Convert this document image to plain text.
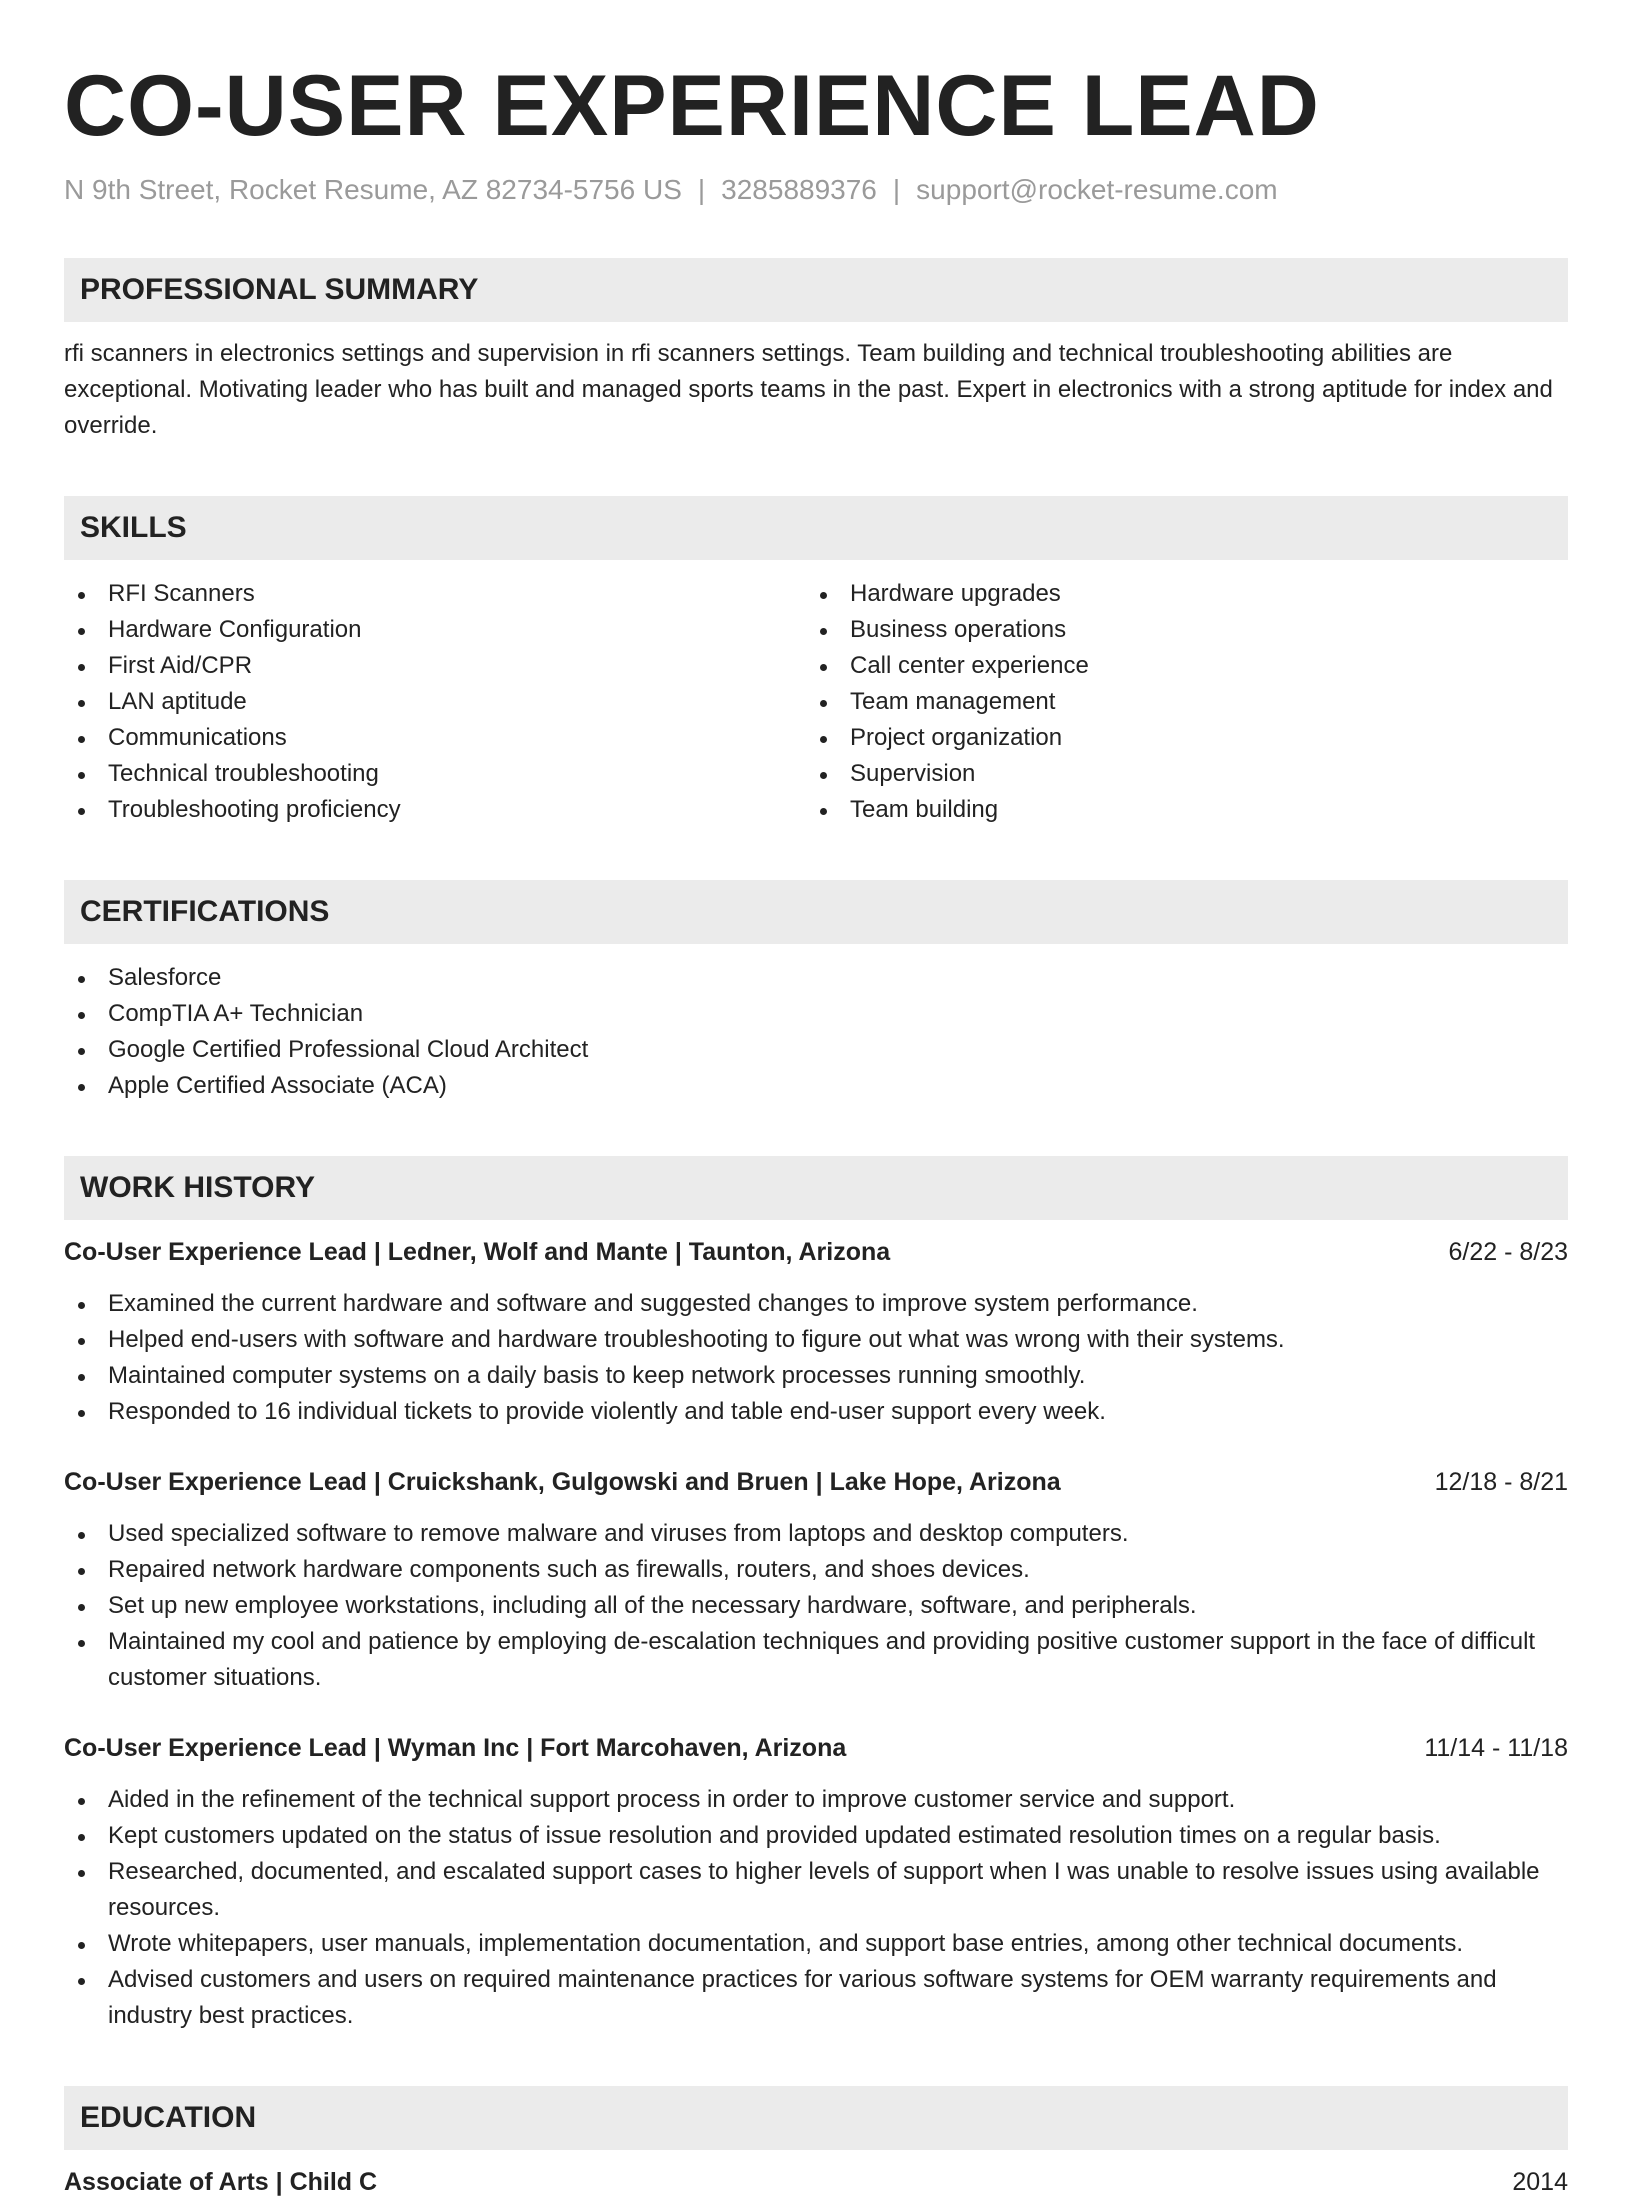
CO-USER EXPERIENCE LEAD
N 9th Street, Rocket Resume, AZ 82734-5756 US | 3285889376 | support@rocket-resume.com
PROFESSIONAL SUMMARY
rfi scanners in electronics settings and supervision in rfi scanners settings. Team building and technical troubleshooting abilities are exceptional. Motivating leader who has built and managed sports teams in the past. Expert in electronics with a strong aptitude for index and override.
SKILLS
RFI Scanners
Hardware Configuration
First Aid/CPR
LAN aptitude
Communications
Technical troubleshooting
Troubleshooting proficiency
Hardware upgrades
Business operations
Call center experience
Team management
Project organization
Supervision
Team building
CERTIFICATIONS
Salesforce
CompTIA A+ Technician
Google Certified Professional Cloud Architect
Apple Certified Associate (ACA)
WORK HISTORY
Co-User Experience Lead | Ledner, Wolf and Mante | Taunton, Arizona	6/22 - 8/23
Examined the current hardware and software and suggested changes to improve system performance.
Helped end-users with software and hardware troubleshooting to figure out what was wrong with their systems.
Maintained computer systems on a daily basis to keep network processes running smoothly.
Responded to 16 individual tickets to provide violently and table end-user support every week.
Co-User Experience Lead | Cruickshank, Gulgowski and Bruen | Lake Hope, Arizona	12/18 - 8/21
Used specialized software to remove malware and viruses from laptops and desktop computers.
Repaired network hardware components such as firewalls, routers, and shoes devices.
Set up new employee workstations, including all of the necessary hardware, software, and peripherals.
Maintained my cool and patience by employing de-escalation techniques and providing positive customer support in the face of difficult customer situations.
Co-User Experience Lead | Wyman Inc | Fort Marcohaven, Arizona	11/14 - 11/18
Aided in the refinement of the technical support process in order to improve customer service and support.
Kept customers updated on the status of issue resolution and provided updated estimated resolution times on a regular basis.
Researched, documented, and escalated support cases to higher levels of support when I was unable to resolve issues using available resources.
Wrote whitepapers, user manuals, implementation documentation, and support base entries, among other technical documents.
Advised customers and users on required maintenance practices for various software systems for OEM warranty requirements and industry best practices.
EDUCATION
Associate of Arts | Child C	2014
